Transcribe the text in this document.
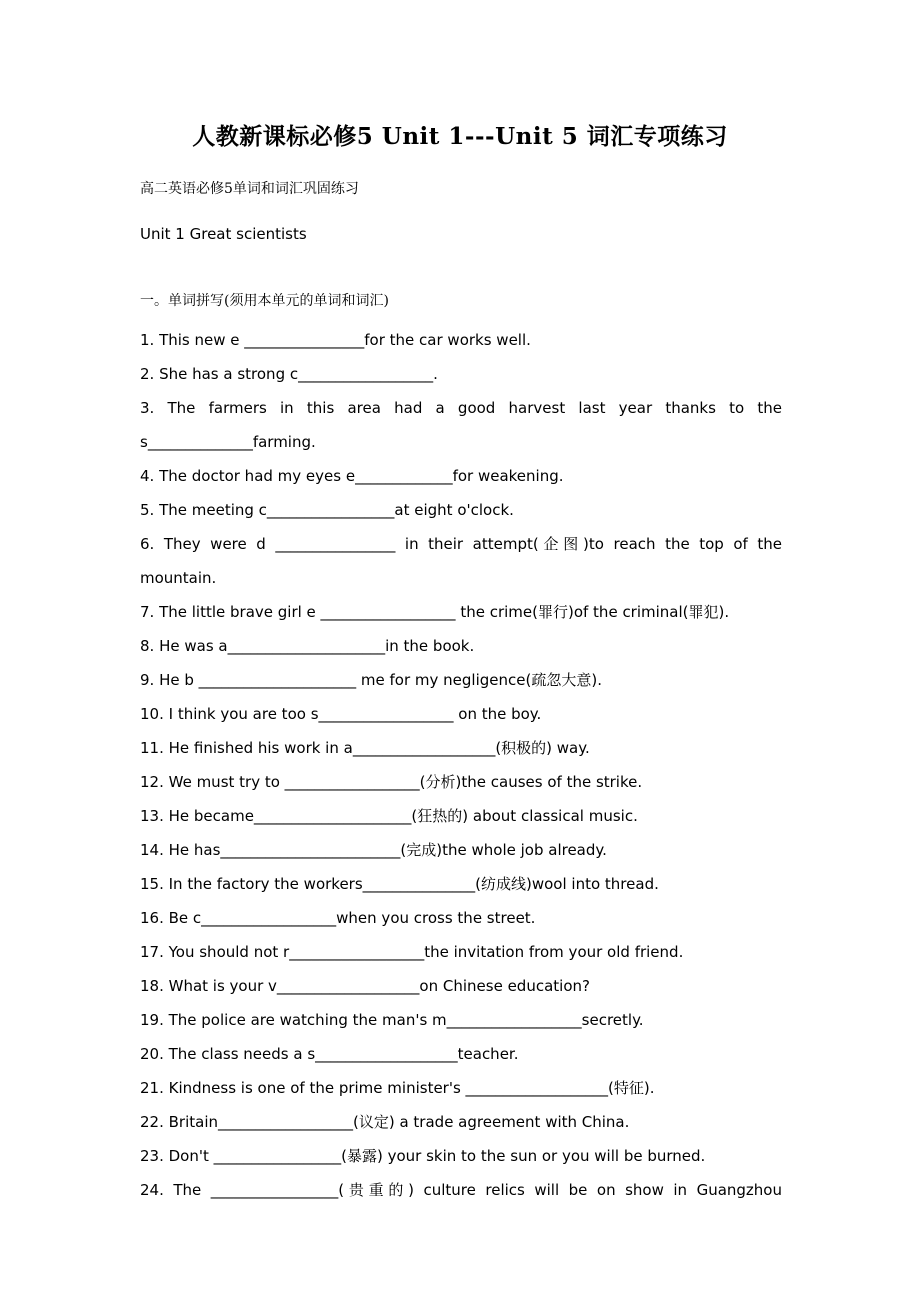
人教新课标必修5 Unit 1---Unit 5 词汇专项练习
高二英语必修5单词和词汇巩固练习
Unit 1 Great scientists
一。单词拼写(须用本单元的单词和词汇)
1. This new e ________________for the car works well.
2. She has a strong c__________________.
3. The farmers in this area had a good harvest last year thanks to the
s______________farming.
4. The doctor had my eyes e_____________for weakening.
5. The meeting c_________________at eight o'clock.
6. They were d ________________ in their attempt(企图)to reach the top of the
mountain.
7. The little brave girl e __________________ the crime(罪行)of the criminal(罪犯).
8. He was a_____________________in the book.
9. He b _____________________ me for my negligence(疏忽大意).
10. I think you are too s__________________ on the boy.
11. He finished his work in a___________________(积极的) way.
12. We must try to __________________(分析)the causes of the strike.
13. He became_____________________(狂热的) about classical music.
14. He has________________________(完成)the whole job already.
15. In the factory the workers_______________(纺成线)wool into thread.
16. Be c__________________when you cross the street.
17. You should not r__________________the invitation from your old friend.
18. What is your v___________________on Chinese education?
19. The police are watching the man's m__________________secretly.
20. The class needs a s___________________teacher.
21. Kindness is one of the prime minister's ___________________(特征).
22. Britain__________________(议定) a trade agreement with China.
23. Don't _________________(暴露) your skin to the sun or you will be burned.
24. The _________________(贵重的) culture relics will be on show in Guangzhou
